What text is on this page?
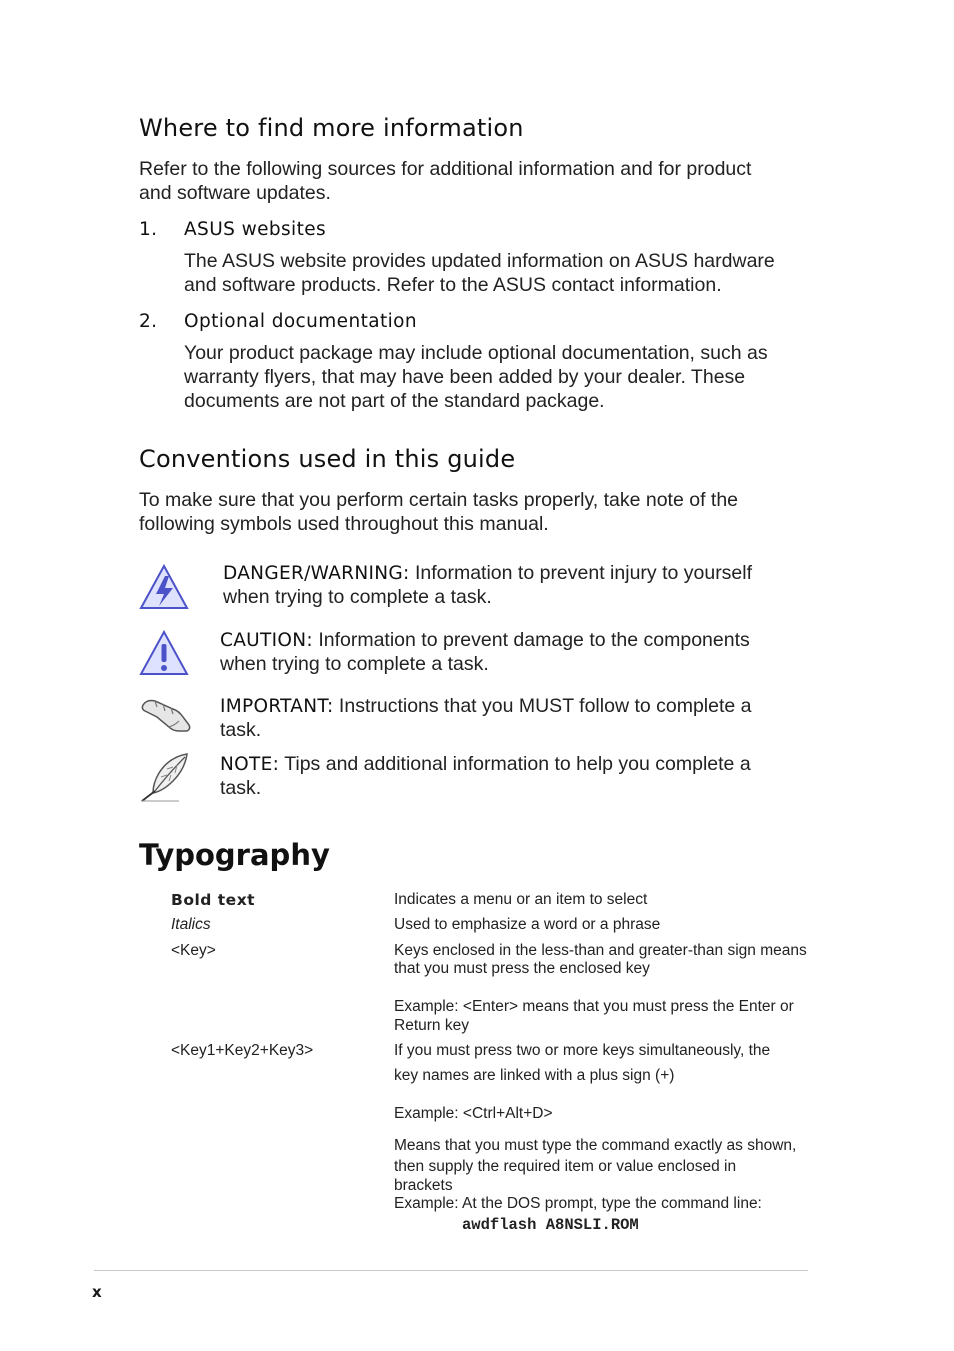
Where to find more information

Refer to the following sources for additional information and for product

and software updates.

1. ASUS websites

The ASUS website provides updated information on ASUS hardware

and software products. Refer to the ASUS contact information.

2. Optional documentation

Your product package may include optional documentation, such as

warranty flyers, that may have been added by your dealer. These

documents are not part of the standard package.

Conventions used in this guide

To make sure that you perform certain tasks properly, take note of the

following symbols used throughout this manual.

DANGER/WARNING: Information to prevent injury to yourself

when trying to complete a task.

CAUTION: Information to prevent damage to the components

when trying to complete a task.

IMPORTANT: Instructions that you MUST follow to complete a

task.

NOTE: Tips and additional information to help you complete a

task.

Typography

Bold text	Indicates a menu or an item to select

Italics	Used to emphasize a word or a phrase

<Key>	Keys enclosed in the less-than and greater-than sign means

that you must press the enclosed key

Example: <Enter> means that you must press the Enter or

Return key

<Key1+Key2+Key3>	If you must press two or more keys simultaneously, the

key names are linked with a plus sign (+)

Example: <Ctrl+Alt+D>

Means that you must type the command exactly as shown,

then supply the required item or value enclosed in

brackets

Example: At the DOS prompt, type the command line:

awdflash A8NSLI.ROM

x
